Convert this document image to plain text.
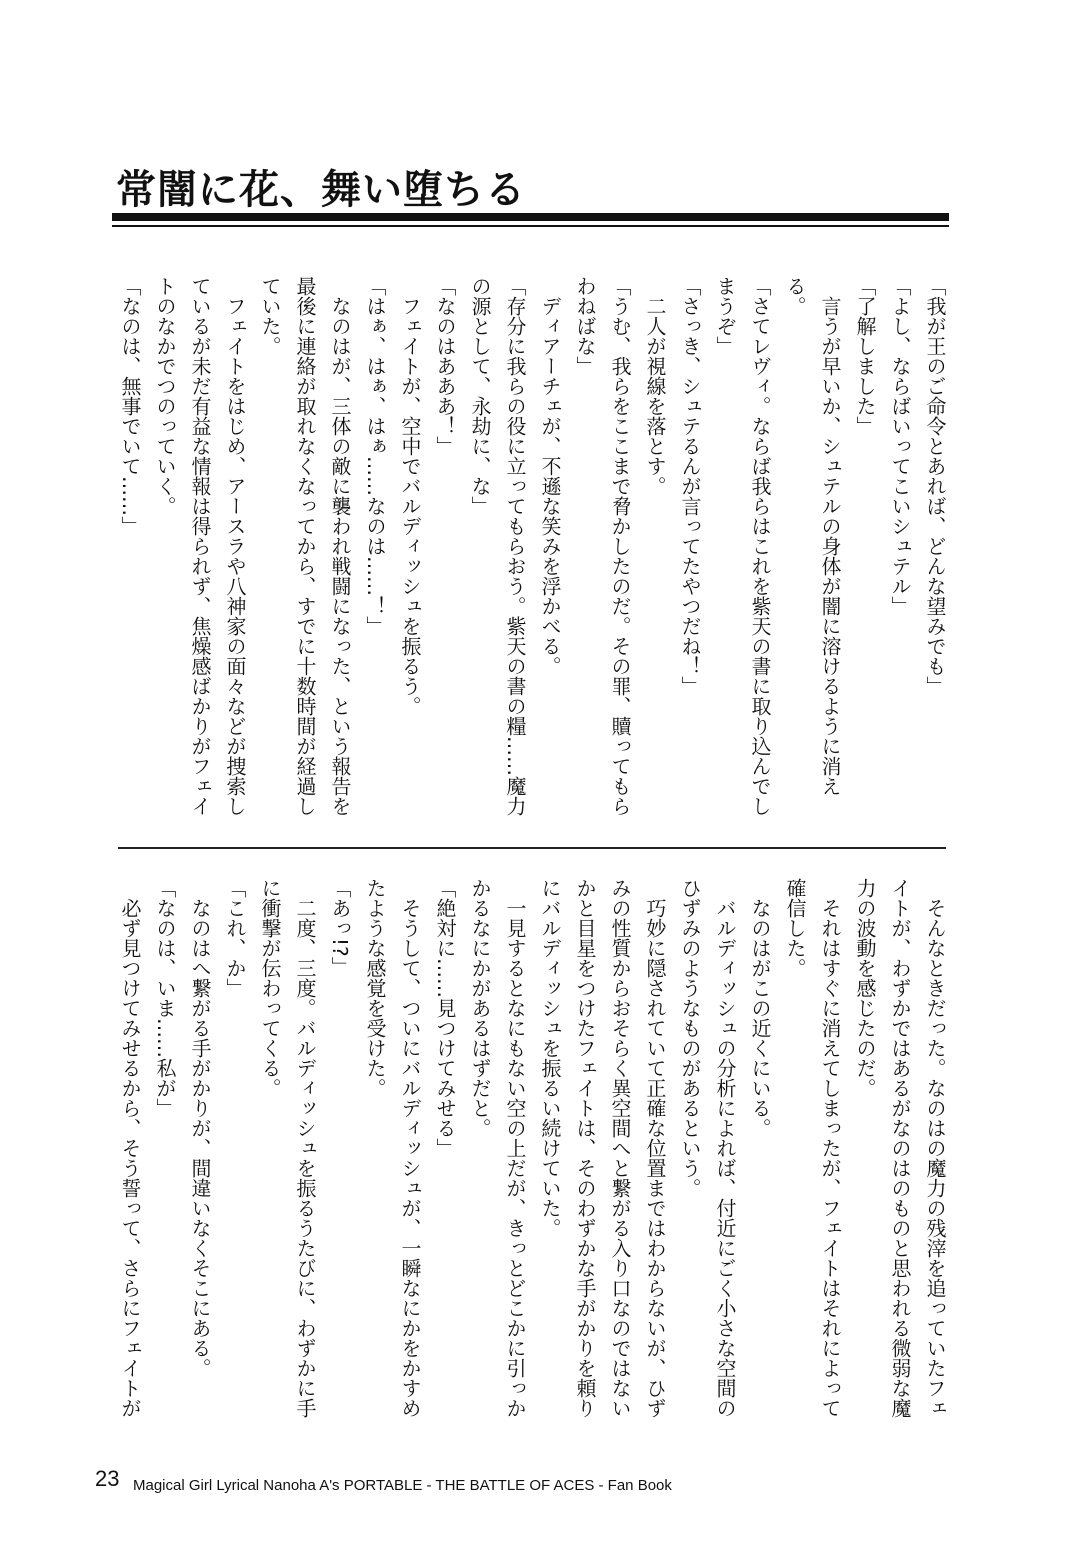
常闇に花、舞い堕ちる

「我が王のご命令とあれば、どんな望みでも」

「よし、ならばいってこいシュテル」

「了解しました」

　言うが早いか、シュテルの身体が闇に溶けるように消える。

「さてレヴィ。ならば我らはこれを紫天の書に取り込んでしまうぞ」

「さっき、シュテるんが言ってたやつだね！」

　二人が視線を落とす。

「うむ、我らをここまで脅かしたのだ。その罪、贖ってもらわねばな」

　ディアーチェが、不遜な笑みを浮かべる。

「存分に我らの役に立ってもらおう。紫天の書の糧……魔力の源として、永劫に、な」

「なのはあああ！」

　フェイトが、空中でバルディッシュを振るう。

「はぁ、はぁ、はぁ……なのは……！」

　なのはが、三体の敵に襲われ戦闘になった、という報告を最後に連絡が取れなくなってから、すでに十数時間が経過していた。

　フェイトをはじめ、アースラや八神家の面々などが捜索しているが未だ有益な情報は得られず、焦燥感ばかりがフェイトのなかでつのっていく。

「なのは、無事でいて……」

　そんなときだった。なのはの魔力の残滓を追っていたフェイトが、わずかではあるがなのはのものと思われる微弱な魔力の波動を感じたのだ。

　それはすぐに消えてしまったが、フェイトはそれによって確信した。

　なのはがこの近くにいる。

　バルディッシュの分析によれば、付近にごく小さな空間のひずみのようなものがあるという。

　巧妙に隠されていて正確な位置まではわからないが、ひずみの性質からおそらく異空間へと繋がる入り口なのではないかと目星をつけたフェイトは、そのわずかな手がかりを頼りにバルディッシュを振るい続けていた。

　一見するとなにもない空の上だが、きっとどこかに引っかかるなにかがあるはずだと。

「絶対に……見つけてみせる」

　そうして、ついにバルディッシュが、一瞬なにかをかすめたような感覚を受けた。

「あっ!?」

　二度、三度。バルディッシュを振るうたびに、わずかに手に衝撃が伝わってくる。

「これ、か」

　なのはへ繋がる手がかりが、間違いなくそこにある。

「なのは、いま……私が」

　必ず見つけてみせるから、そう誓って、さらにフェイトが

23 Magical Girl Lyrical Nanoha A's PORTABLE - THE BATTLE OF ACES - Fan Book
